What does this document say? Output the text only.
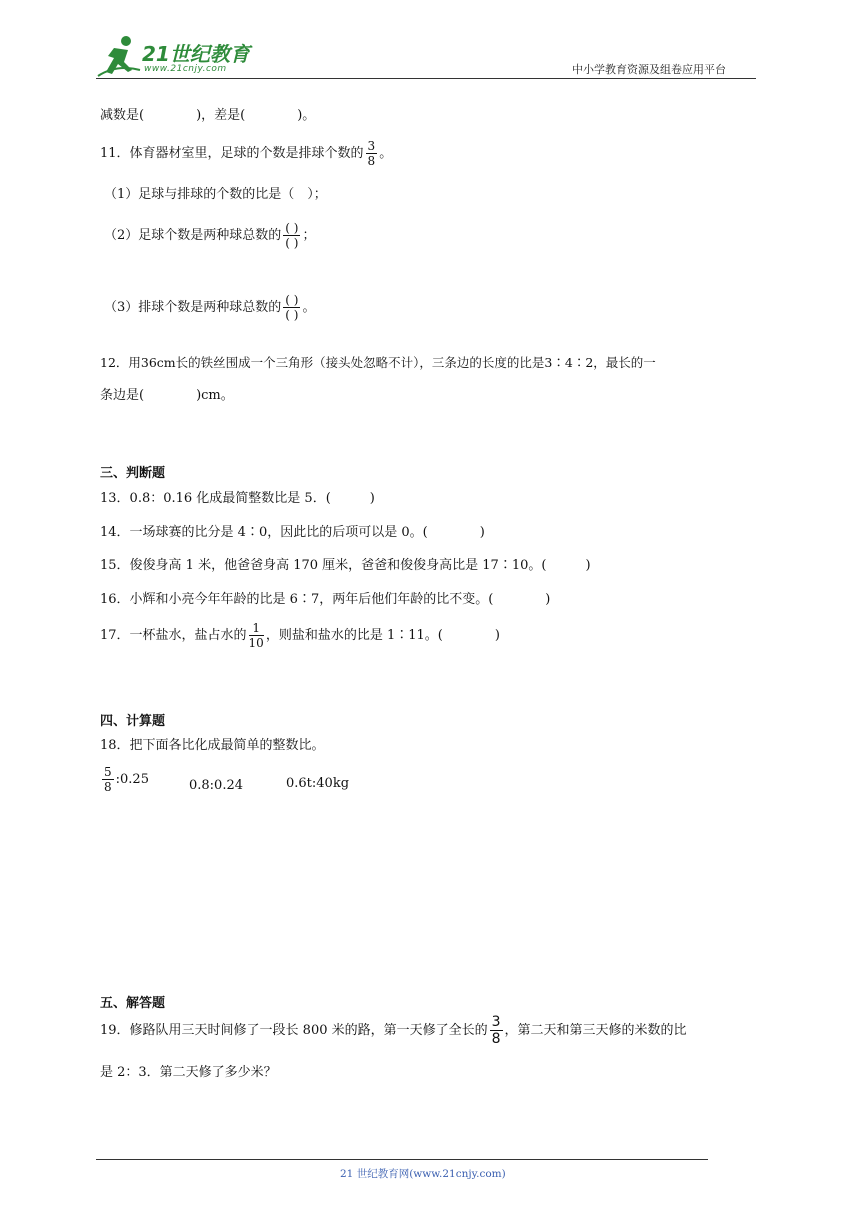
21世纪教育
www.21cnjy.com	中小学教育资源及组卷应用平台
减数是(　　　　)，差是(　　　　)。
11．体育器材室里，足球的个数是排球个数的 $\frac{3}{8}$ 。
（1）足球与排球的个数的比是（　）；
（2）足球个数是两种球总数的 $\frac{( )}{( )}$ ；
（3）排球个数是两种球总数的 $\frac{( )}{( )}$ 。
12．用36cm长的铁丝围成一个三角形（接头处忽略不计），三条边的长度的比是3∶4∶2，最长的一
条边是(　　　　)cm。
三、判断题
13．0.8：0.16 化成最简整数比是 5．(　　　)
14．一场球赛的比分是 4∶0，因此比的后项可以是 0。(　　　　)
15．俊俊身高 1 米，他爸爸身高 170 厘米，爸爸和俊俊身高比是 17∶10。(　　　)
16．小辉和小亮今年年龄的比是 6∶7，两年后他们年龄的比不变。(　　　　)
17．一杯盐水，盐占水的 $\frac{1}{10}$ ，则盐和盐水的比是 1∶11。(　　　　)
四、计算题
18．把下面各比化成最简单的整数比。
$\frac{5}{8}$ :0.25	0.8:0.24	0.6t:40kg
五、解答题
19．修路队用三天时间修了一段长 800 米的路，第一天修了全长的 $\frac{3}{8}$ ，第二天和第三天修的米数的比
是 2：3．第二天修了多少米？
21 世纪教育网(www.21cnjy.com)
